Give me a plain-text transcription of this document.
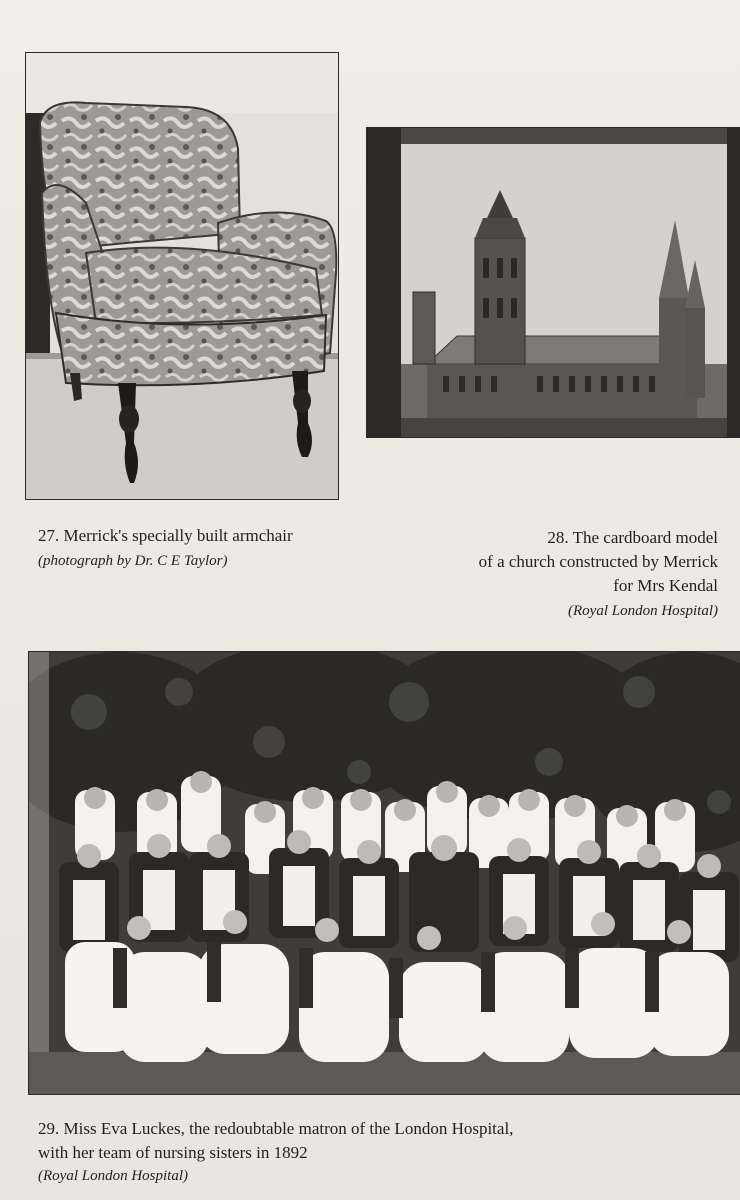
27. Merrick's specially built armchair
(photograph by Dr. C E Taylor)
28. The cardboard model
of a church constructed by Merrick
for Mrs Kendal
(Royal London Hospital)
29. Miss Eva Luckes, the redoubtable matron of the London Hospital,
with her team of nursing sisters in 1892
(Royal London Hospital)
